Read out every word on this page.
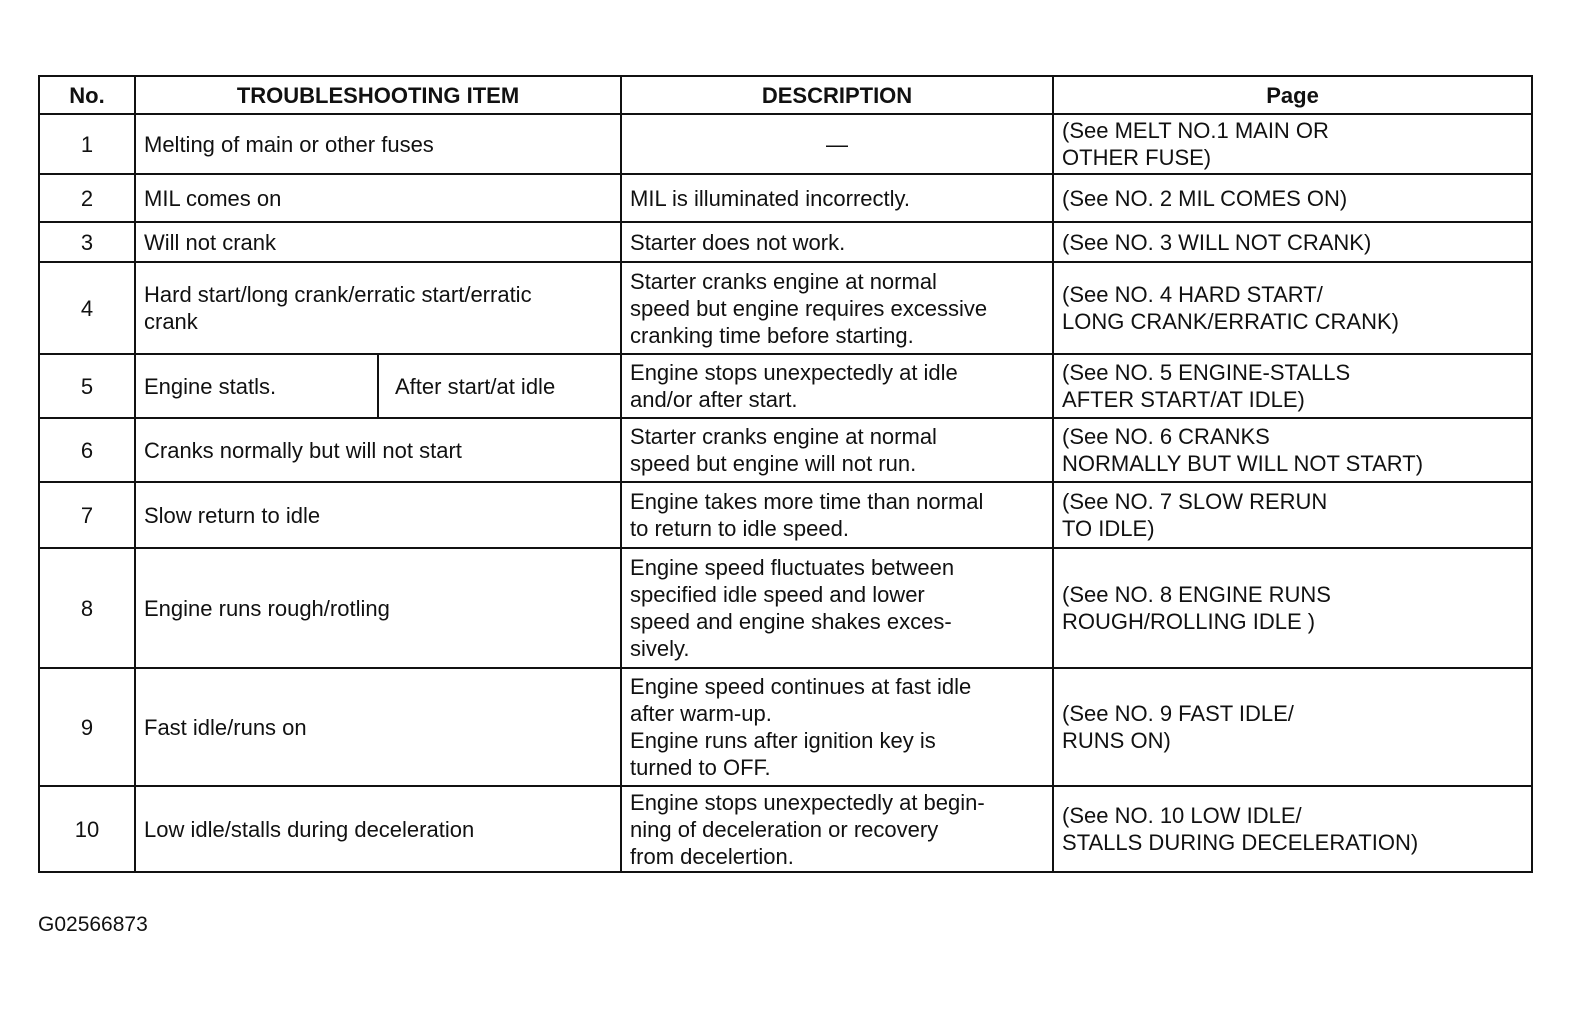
No.	TROUBLESHOOTING ITEM		DESCRIPTION	Page
1	Melting of main or other fuses		—	(See MELT NO.1 MAIN OR
OTHER FUSE)

2	MIL comes on		MIL is illuminated incorrectly.	(See NO. 2 MIL COMES ON)

3	Will not crank		Starter does not work.	(See NO. 3 WILL NOT CRANK)

4	Hard start/long crank/erratic start/erratic
crank		Starter cranks engine at normal
speed but engine requires excessive
cranking time before starting.	(See NO. 4 HARD START/
LONG CRANK/ERRATIC CRANK)

5	Engine statls.	After start/at idle	Engine stops unexpectedly at idle
and/or after start.	(See NO. 5 ENGINE-STALLS
AFTER START/AT IDLE)

6	Cranks normally but will not start		Starter cranks engine at normal
speed but engine will not run.	(See NO. 6 CRANKS
NORMALLY BUT WILL NOT START)

7	Slow return to idle		Engine takes more time than normal
to return to idle speed.	(See NO. 7 SLOW RERUN
TO IDLE)

8	Engine runs rough/rotling		Engine speed fluctuates between
specified idle speed and lower
speed and engine shakes exces-
sively.	(See NO. 8 ENGINE RUNS
ROUGH/ROLLING IDLE )

9	Fast idle/runs on		Engine speed continues at fast idle
after warm-up.
Engine runs after ignition key is
turned to OFF.	(See NO. 9 FAST IDLE/
RUNS ON)

10	Low idle/stalls during deceleration		Engine stops unexpectedly at begin-
ning of deceleration or recovery
from decelertion.	(See NO. 10 LOW IDLE/
STALLS DURING DECELERATION)
G02566873
